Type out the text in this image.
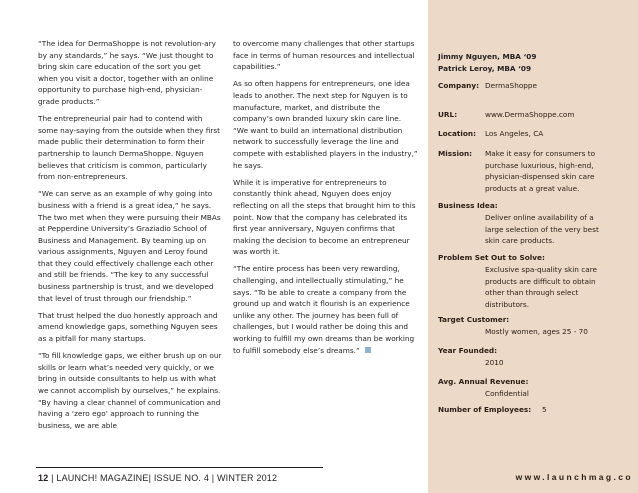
“The idea for DermaShoppe is not revolution-ary by any standards,” he says. “We just thought to bring skin care education of the sort you get when you visit a doctor, together with an online opportunity to purchase high-end, physician-grade products.”

The entrepreneurial pair had to contend with some nay-saying from the outside when they first made public their determination to form their partnership to launch DermaShoppe. Nguyen believes that criticism is common, particularly from non-entrepreneurs.

“We can serve as an example of why going into business with a friend is a great idea,” he says. The two met when they were pursuing their MBAs at Pepperdine University’s Graziadio School of Business and Management. By teaming up on various assignments, Nguyen and Leroy found that they could effectively challenge each other and still be friends. “The key to any successful business partnership is trust, and we developed that level of trust through our friendship.”

That trust helped the duo honestly approach and amend knowledge gaps, something Nguyen sees as a pitfall for many startups.

“To fill knowledge gaps, we either brush up on our skills or learn what’s needed very quickly, or we bring in outside consultants to help us with what we cannot accomplish by ourselves,” he explains. “By having a clear channel of communication and having a ‘zero ego’ approach to running the business, we are able

to overcome many challenges that other startups face in terms of human resources and intellectual capabilities.”

As so often happens for entrepreneurs, one idea leads to another. The next step for Nguyen is to manufacture, market, and distribute the company’s own branded luxury skin care line. “We want to build an international distribution network to successfully leverage the line and compete with established players in the industry,” he says.

While it is imperative for entrepreneurs to constantly think ahead, Nguyen does enjoy reflecting on all the steps that brought him to this point. Now that the company has celebrated its first year anniversary, Nguyen confirms that making the decision to become an entrepreneur was worth it.

“The entire process has been very rewarding, challenging, and intellectually stimulating,” he says. “To be able to create a company from the ground up and watch it flourish is an experience unlike any other. The journey has been full of challenges, but I would rather be doing this and working to fulfill my own dreams than be working to fulfill somebody else’s dreams.”

Jimmy Nguyen, MBA ‘09
Patrick Leroy, MBA ‘09
Company: DermaShoppe
URL:	www.DermaShoppe.com
Location: Los Angeles, CA
Mission: Make it easy for consumers to
purchase luxurious, high-end,
physician-dispensed skin care
products at a great value.
Business Idea:
Deliver online availability of a
large selection of the very best
skin care products.
Problem Set Out to Solve:
Exclusive spa-quality skin care
products are difficult to obtain
other than through select
distributors.
Target Customer:
Mostly women, ages 25 - 70
Year Founded:
2010
Avg. Annual Revenue:
Confidential
Number of Employees: 5
12 | LAUNCH! MAGAZINE| ISSUE NO. 4 | WINTER 2012	www.launchmag.co
